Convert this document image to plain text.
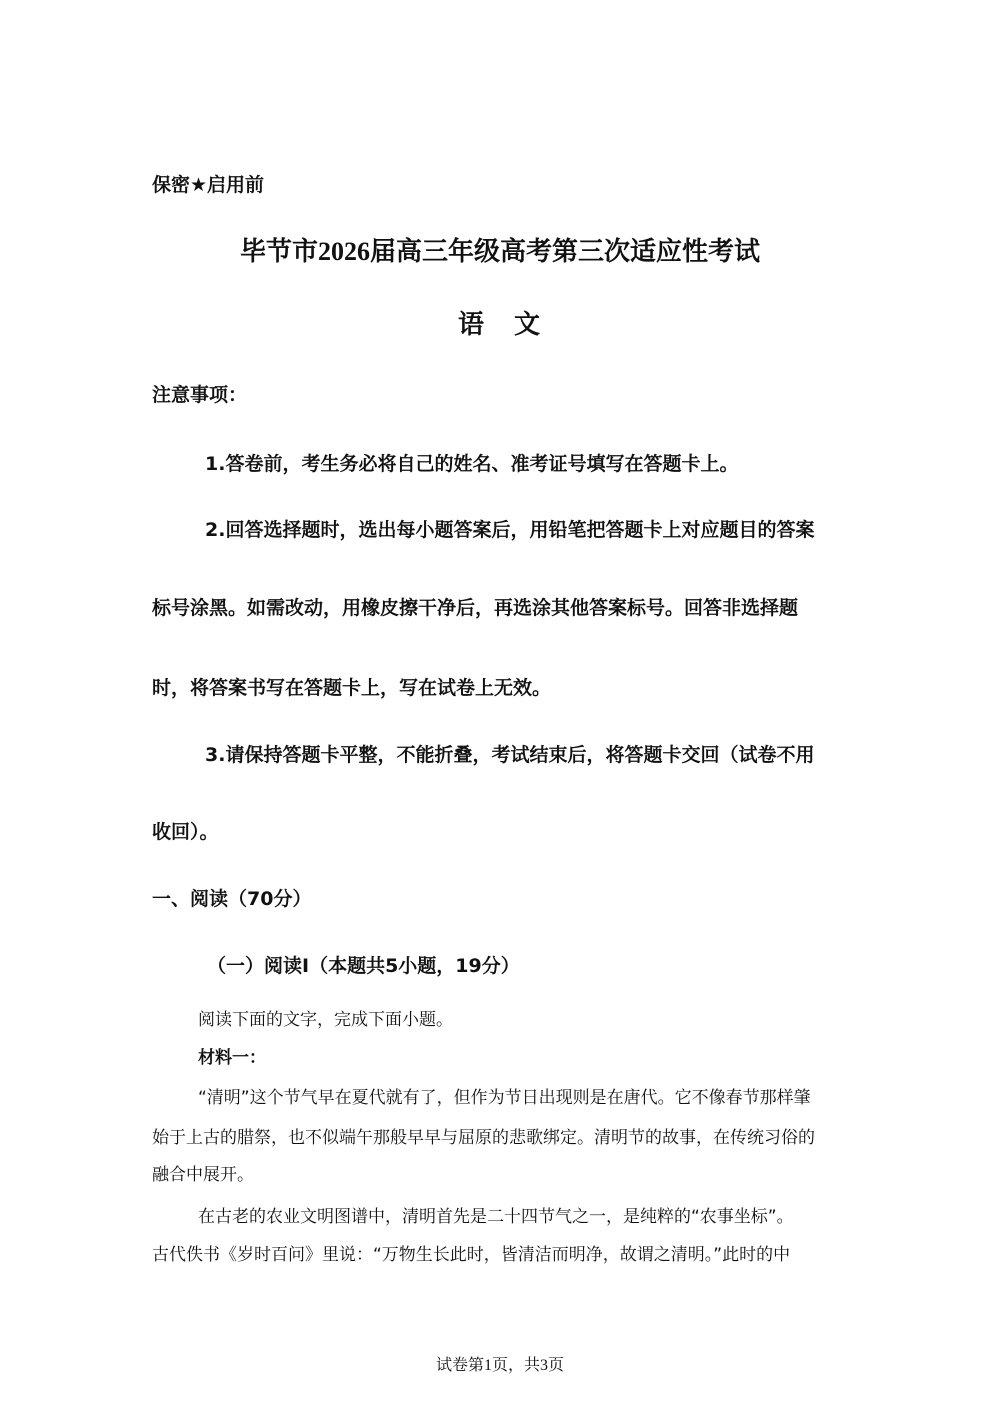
保密★启用前
毕节市2026届高三年级高考第三次适应性考试
语　文
注意事项：
1.答卷前，考生务必将自己的姓名、准考证号填写在答题卡上。
2.回答选择题时，选出每小题答案后，用铅笔把答题卡上对应题目的答案
标号涂黑。如需改动，用橡皮擦干净后，再选涂其他答案标号。回答非选择题
时，将答案书写在答题卡上，写在试卷上无效。
3.请保持答题卡平整，不能折叠，考试结束后，将答题卡交回（试卷不用
收回）。
一、阅读（70分）
（一）阅读Ⅰ（本题共5小题，19分）
阅读下面的文字，完成下面小题。
材料一：
“清明”这个节气早在夏代就有了，但作为节日出现则是在唐代。它不像春节那样肇
始于上古的腊祭，也不似端午那般早早与屈原的悲歌绑定。清明节的故事，在传统习俗的
融合中展开。
在古老的农业文明图谱中，清明首先是二十四节气之一，是纯粹的“农事坐标”。
古代佚书《岁时百问》里说：“万物生长此时，皆清洁而明净，故谓之清明。”此时的中
试卷第1页，共3页
